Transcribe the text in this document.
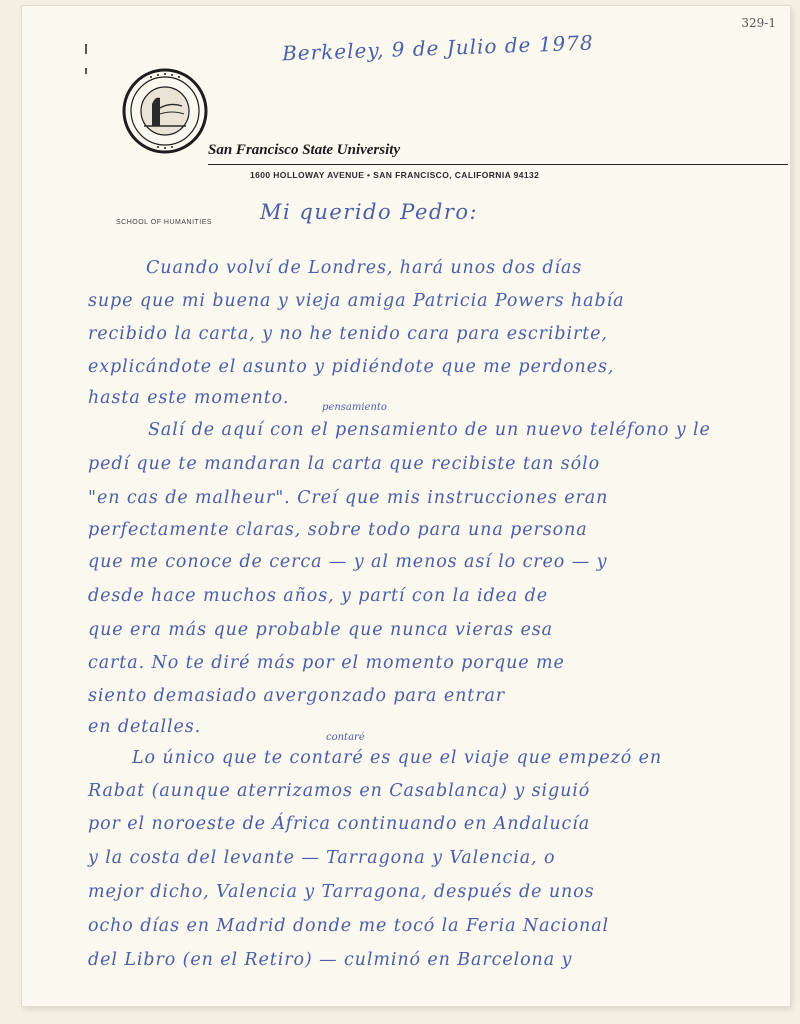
329-1
Berkeley, 9 de Julio de 1978
San Francisco State University
1600 HOLLOWAY AVENUE • SAN FRANCISCO, CALIFORNIA 94132
SCHOOL OF HUMANITIES Mi querido Pedro:
Cuando volví de Londres, hará unos dos días
supe que mi buena y vieja amiga Patricia Powers había
recibido la carta, y no he tenido cara para escribirte,
explicándote el asunto y pidiéndote que me perdones,
hasta este momento.	pensamiento
Salí de aquí con el pensamiento de un nuevo teléfono y le
pedí que te mandaran la carta que recibiste tan sólo
"en cas de malheur". Creí que mis instrucciones eran
perfectamente claras, sobre todo para una persona
que me conoce de cerca — y al menos así lo creo — y
desde hace muchos años, y partí con la idea de
que era más que probable que nunca vieras esa
carta. No te diré más por el momento porque me
siento demasiado avergonzado para entrar
en detalles.
contaré
Lo único que te contaré es que el viaje que empezó en
Rabat (aunque aterrizamos en Casablanca) y siguió
por el noroeste de África continuando en Andalucía
y la costa del levante — Tarragona y Valencia, o
mejor dicho, Valencia y Tarragona, después de unos
ocho días en Madrid donde me tocó la Feria Nacional
del Libro (en el Retiro) — culminó en Barcelona y
